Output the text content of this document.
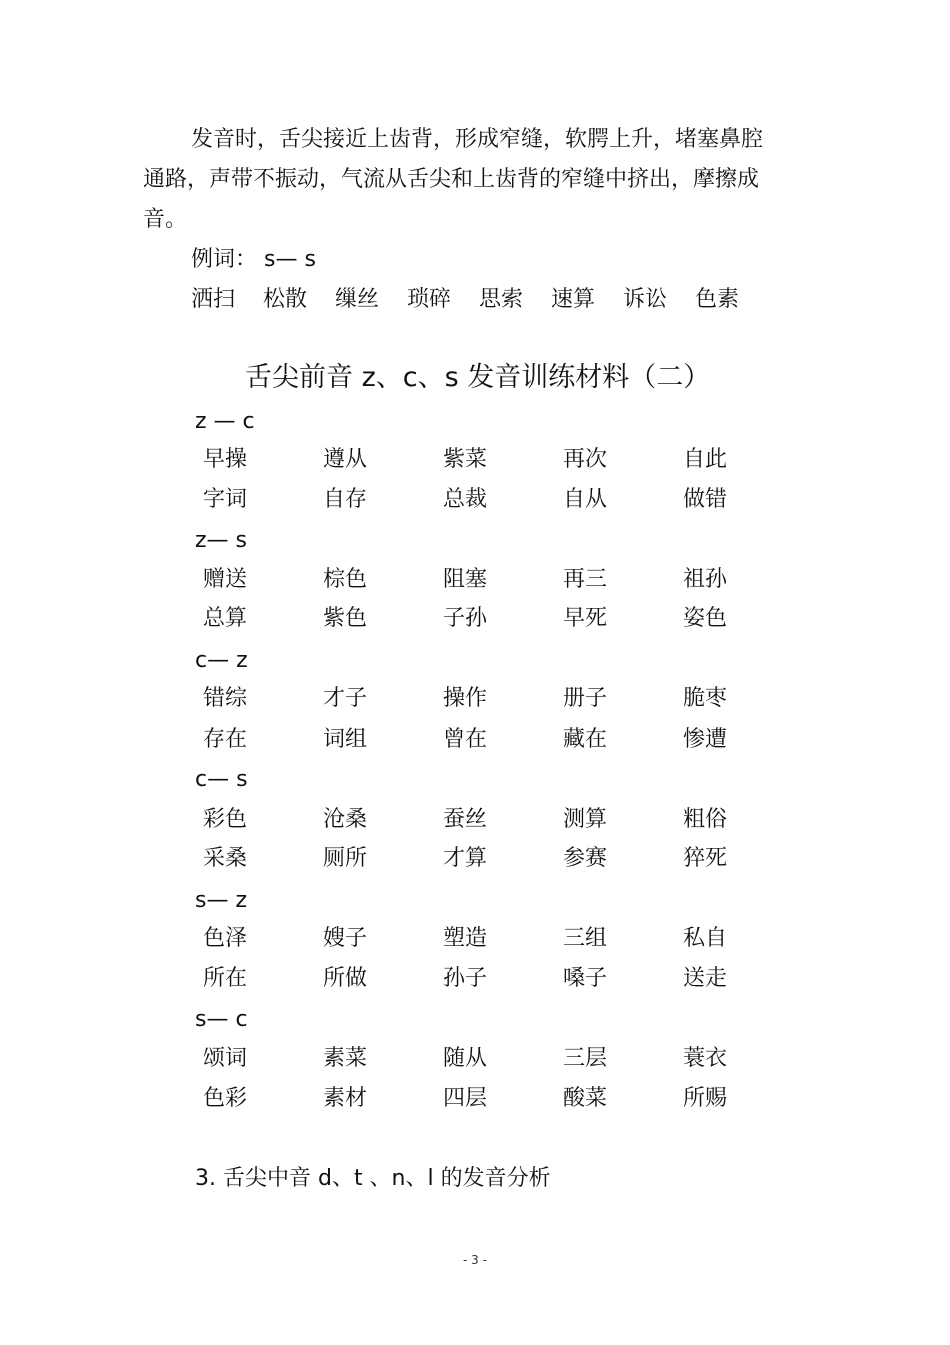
发音时，舌尖接近上齿背，形成窄缝，软腭上升，堵塞鼻腔通路，声带不振动，气流从舌尖和上齿背的窄缝中挤出，摩擦成音。

例词： s— s
洒扫 松散 缫丝 琐碎 思索 速算 诉讼 色素
舌尖前音 z、c、s 发音训练材料（二）
z — c
早操	遵从	紫菜	再次	自此
字词	自存	总裁	自从	做错
z— s
赠送	棕色	阻塞	再三	祖孙
总算	紫色	子孙	早死	姿色
c— z
错综	才子	操作	册子	脆枣
存在	词组	曾在	藏在	惨遭
c— s
彩色	沧桑	蚕丝	测算	粗俗
采桑	厕所	才算	参赛	猝死
s— z
色泽	嫂子	塑造	三组	私自
所在	所做	孙子	嗓子	送走
s— c
颂词	素菜	随从	三层	蓑衣
色彩	素材	四层	酸菜	所赐
3. 舌尖中音 d、t 、n、l 的发音分析
- 3 -
